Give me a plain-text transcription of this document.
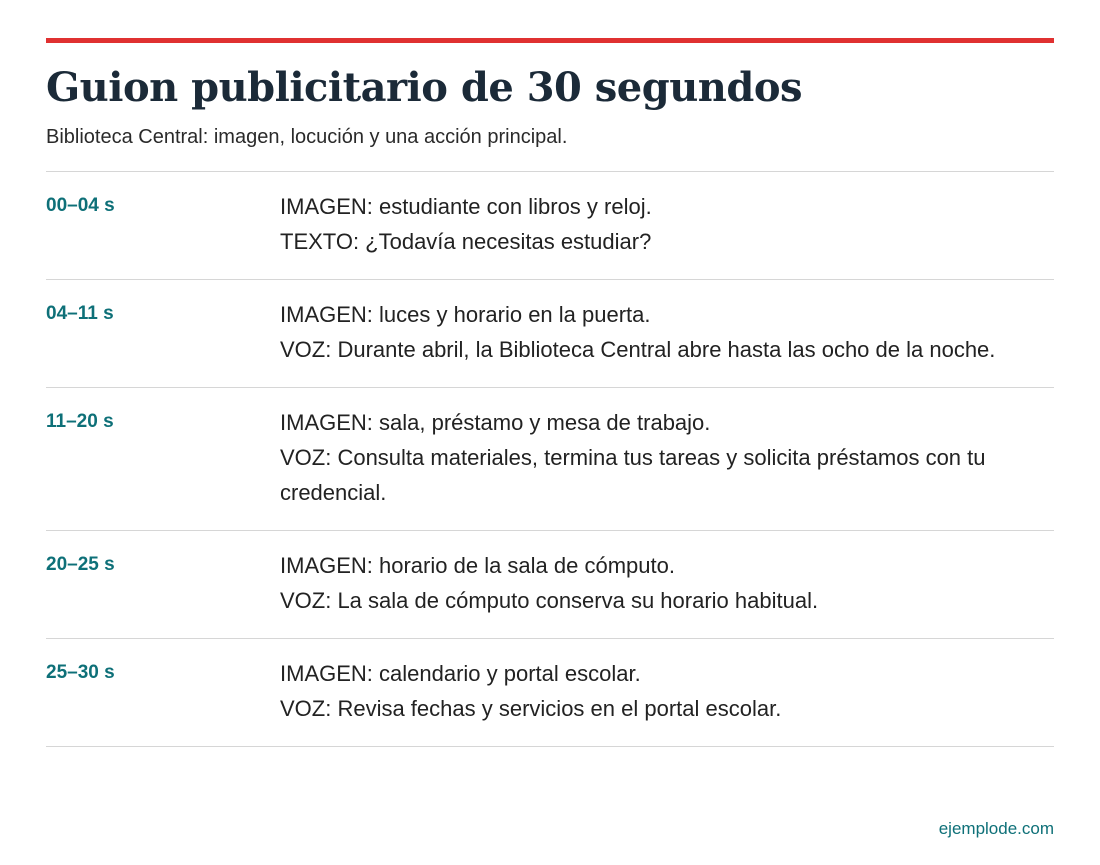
Guion publicitario de 30 segundos

Biblioteca Central: imagen, locución y una acción principal.

00–04 s	IMAGEN: estudiante con libros y reloj.
TEXTO: ¿Todavía necesitas estudiar?
04–11 s	IMAGEN: luces y horario en la puerta.
VOZ: Durante abril, la Biblioteca Central abre hasta las ocho de la noche.
11–20 s	IMAGEN: sala, préstamo y mesa de trabajo.
VOZ: Consulta materiales, termina tus tareas y solicita préstamos con tu credencial.
20–25 s	IMAGEN: horario de la sala de cómputo.
VOZ: La sala de cómputo conserva su horario habitual.
25–30 s	IMAGEN: calendario y portal escolar.
VOZ: Revisa fechas y servicios en el portal escolar.
ejemplode.com
